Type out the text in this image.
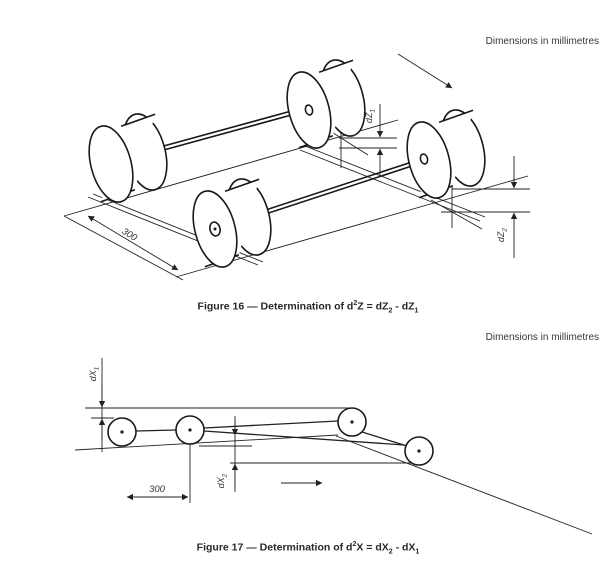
$dZ_1$
$dZ_2$
300
$dX_1$
$dX_2$
300
Dimensions in millimetres
Figure 16 — Determination of $d^2Z = dZ_2 - dZ_1$
Dimensions in millimetres
Figure 17 — Determination of $d^2X = dX_2 - dX_1$
